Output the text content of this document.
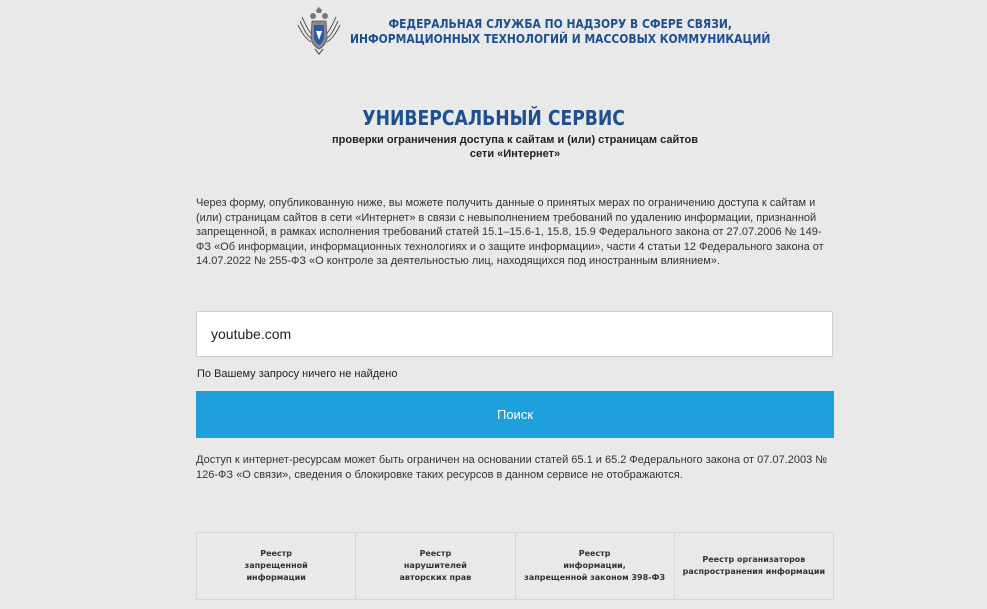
ФЕДЕРАЛЬНАЯ СЛУЖБА ПО НАДЗОРУ В СФЕРЕ СВЯЗИ,
ИНФОРМАЦИОННЫХ ТЕХНОЛОГИЙ И МАССОВЫХ КОММУНИКАЦИЙ
УНИВЕРСАЛЬНЫЙ СЕРВИС
проверки ограничения доступа к сайтам и (или) страницам сайтов
сети «Интернет»
Через форму, опубликованную ниже, вы можете получить данные о принятых мерах по ограничению доступа к сайтам и (или) страницам сайтов в сети «Интернет» в связи с невыполнением требований по удалению информации, признанной запрещенной, в рамках исполнения требований статей 15.1–15.6-1, 15.8, 15.9 Федерального закона от 27.07.2006 № 149-ФЗ «Об информации, информационных технологиях и о защите информации», части 4 статьи 12 Федерального закона от 14.07.2022 № 255-ФЗ «О контроле за деятельностью лиц, находящихся под иностранным влиянием».
youtube.com
По Вашему запросу ничего не найдено
Поиск
Доступ к интернет-ресурсам может быть ограничен на основании статей 65.1 и 65.2 Федерального закона от 07.07.2003 № 126-ФЗ «О связи», сведения о блокировке таких ресурсов в данном сервисе не отображаются.
Реестр
запрещенной
информации
Реестр
нарушителей
авторских прав
Реестр
информации,
запрещенной законом 398-ФЗ
Реестр организаторов
распространения информации
